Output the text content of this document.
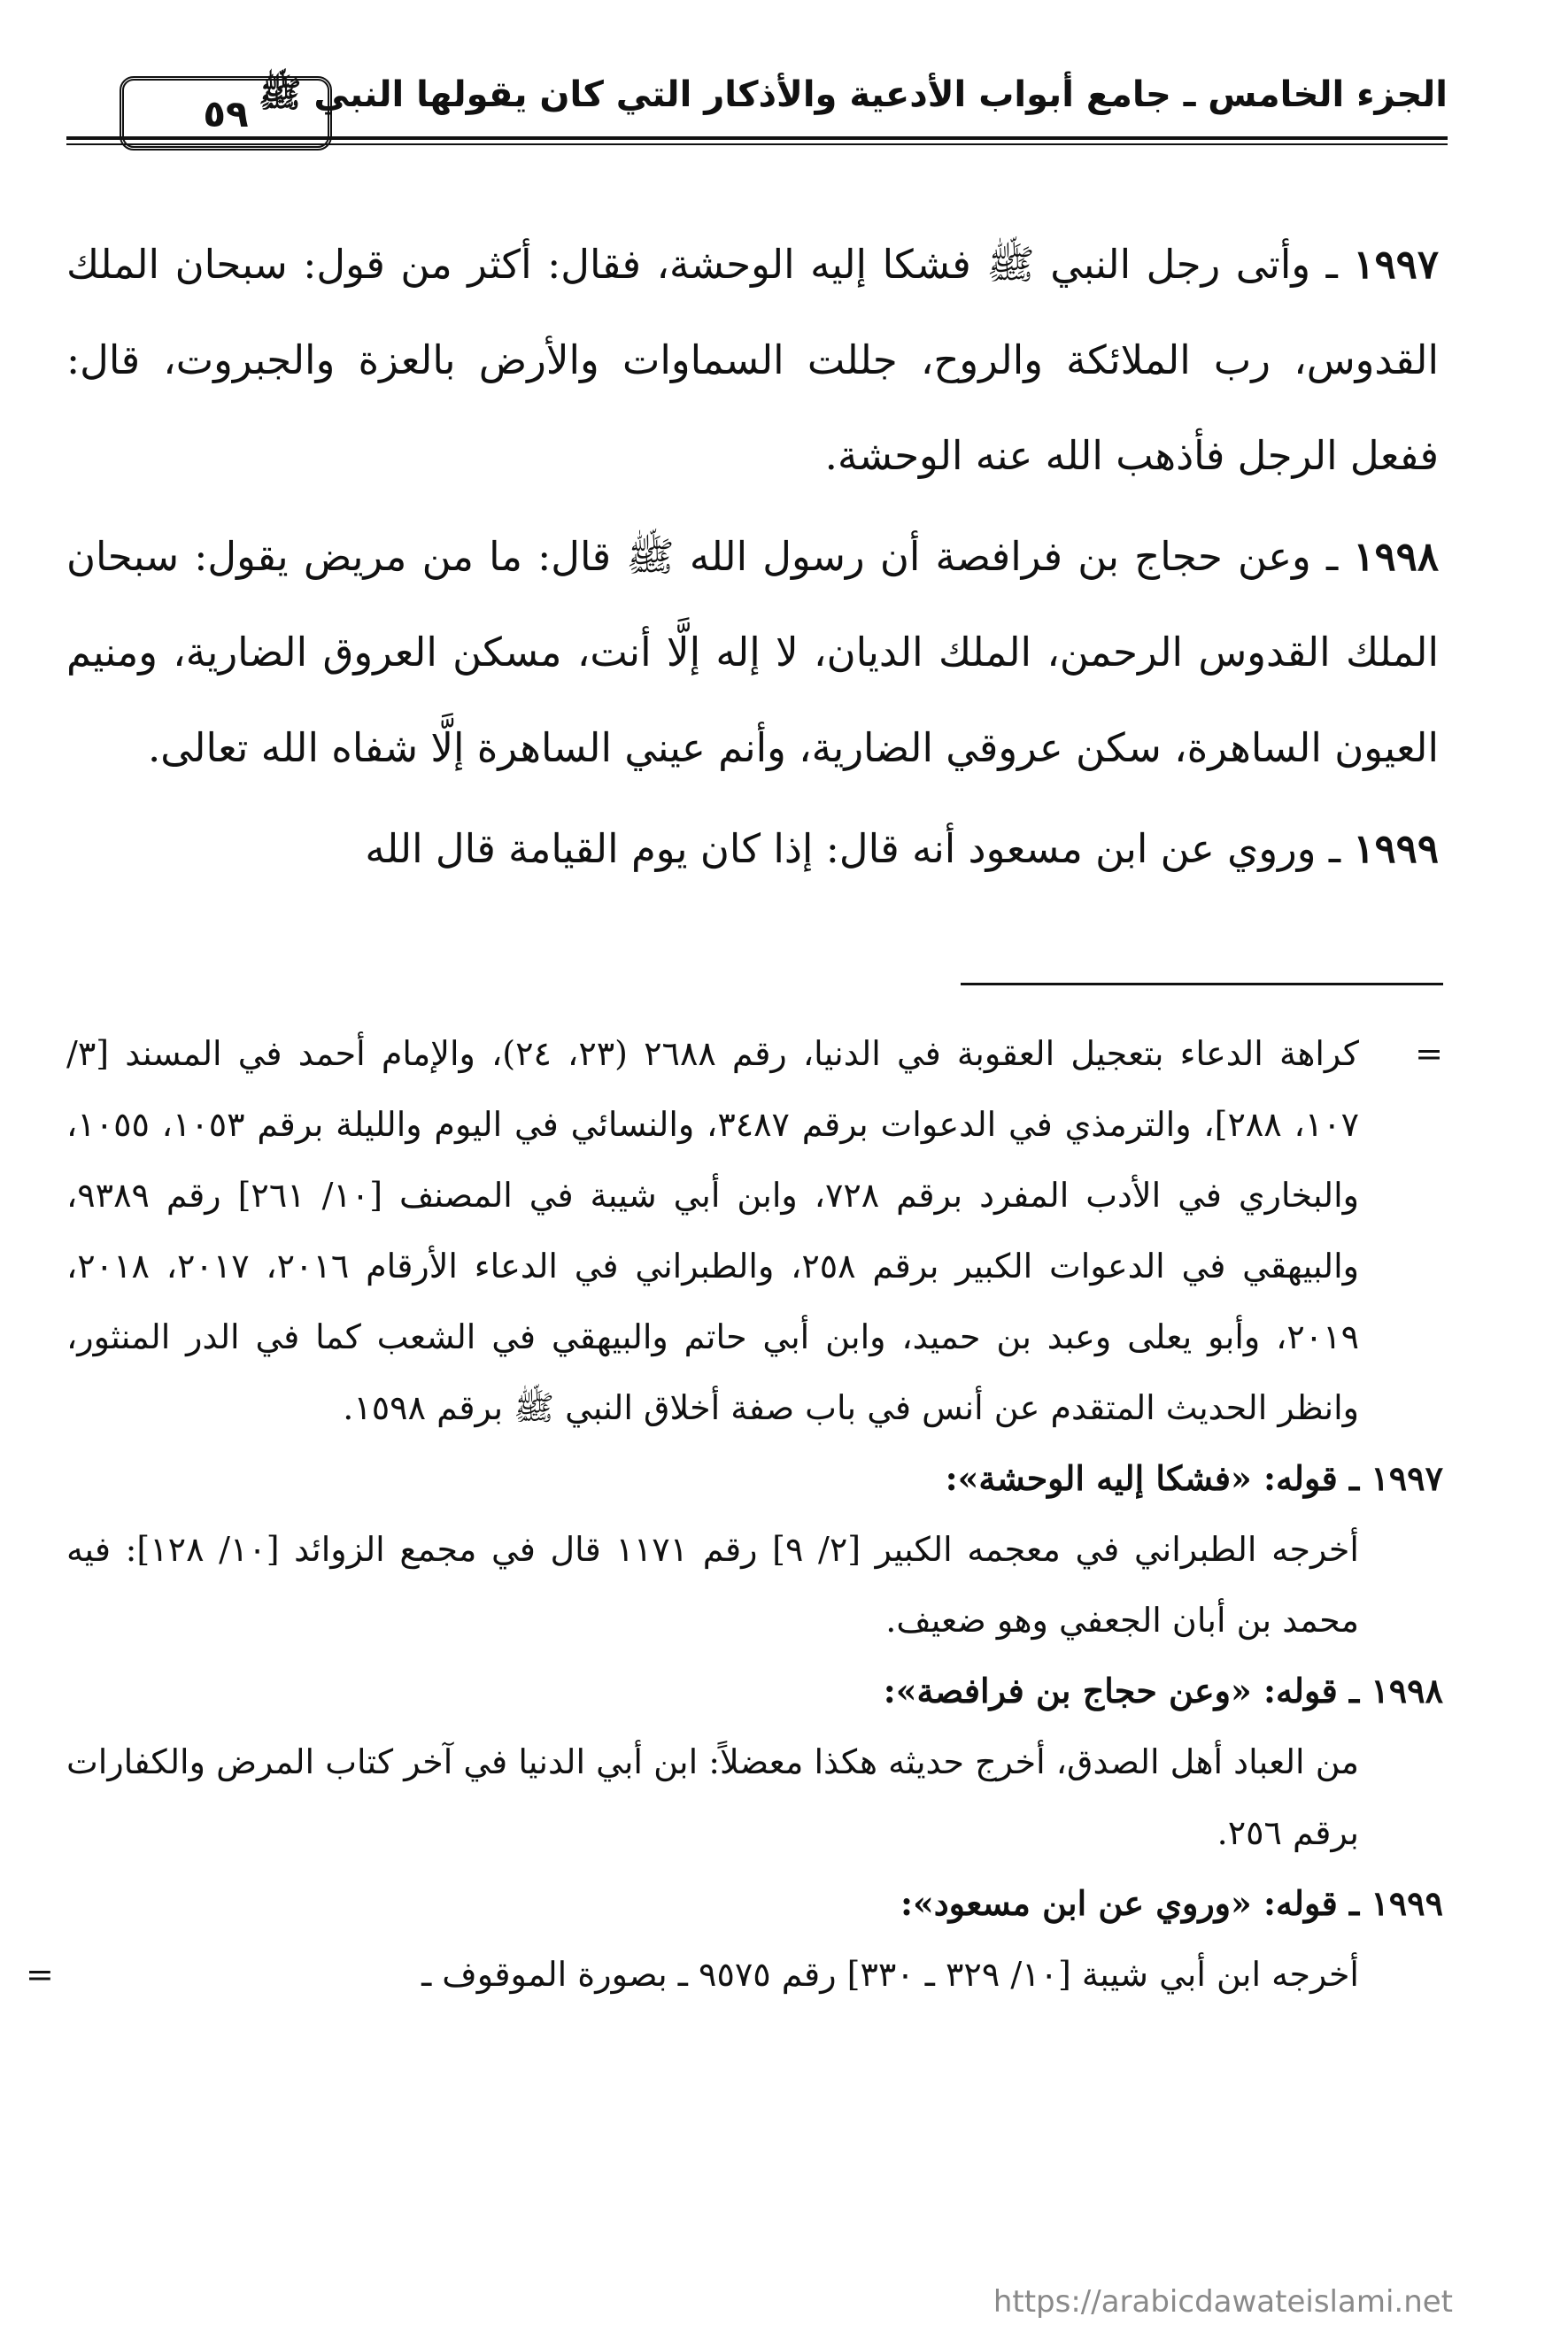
٥٩ الجزء الخامس ـ جامع أبواب الأدعية والأذكار التي كان يقولها النبي ﷺ

١٩٩٧ ـ وأتى رجل النبي ﷺ فشكا إليه الوحشة، فقال: أكثر من قول: سبحان الملك القدوس، رب الملائكة والروح، جللت السماوات والأرض بالعزة والجبروت، قال: ففعل الرجل فأذهب الله عنه الوحشة.

١٩٩٨ ـ وعن حجاج بن فرافصة أن رسول الله ﷺ قال: ما من مريض يقول: سبحان الملك القدوس الرحمن، الملك الديان، لا إله إلَّا أنت، مسكن العروق الضارية، ومنيم العيون الساهرة، سكن عروقي الضارية، وأنم عيني الساهرة إلَّا شفاه الله تعالى.

١٩٩٩ ـ وروي عن ابن مسعود أنه قال: إذا كان يوم القيامة قال الله

=
كراهة الدعاء بتعجيل العقوبة في الدنيا، رقم ٢٦٨٨ (٢٣، ٢٤)، والإمام أحمد في المسند [٣/ ١٠٧، ٢٨٨]، والترمذي في الدعوات برقم ٣٤٨٧، والنسائي في اليوم والليلة برقم ١٠٥٣، ١٠٥٥، والبخاري في الأدب المفرد برقم ٧٢٨، وابن أبي شيبة في المصنف [١٠/ ٢٦١] رقم ٩٣٨٩، والبيهقي في الدعوات الكبير برقم ٢٥٨، والطبراني في الدعاء الأرقام ٢٠١٦، ٢٠١٧، ٢٠١٨، ٢٠١٩، وأبو يعلى وعبد بن حميد، وابن أبي حاتم والبيهقي في الشعب كما في الدر المنثور، وانظر الحديث المتقدم عن أنس في باب صفة أخلاق النبي ﷺ برقم ١٥٩٨.

١٩٩٧ ـ قوله: «فشكا إليه الوحشة»:

أخرجه الطبراني في معجمه الكبير [٢/ ٩] رقم ١١٧١ قال في مجمع الزوائد [١٠/ ١٢٨]: فيه محمد بن أبان الجعفي وهو ضعيف.

١٩٩٨ ـ قوله: «وعن حجاج بن فرافصة»:

من العباد أهل الصدق، أخرج حديثه هكذا معضلاً: ابن أبي الدنيا في آخر كتاب المرض والكفارات برقم ٢٥٦.

١٩٩٩ ـ قوله: «وروي عن ابن مسعود»:

أخرجه ابن أبي شيبة [١٠/ ٣٢٩ ـ ٣٣٠] رقم ٩٥٧٥ ـ بصورة الموقوف ـ
=

https://arabicdawateislami.net
